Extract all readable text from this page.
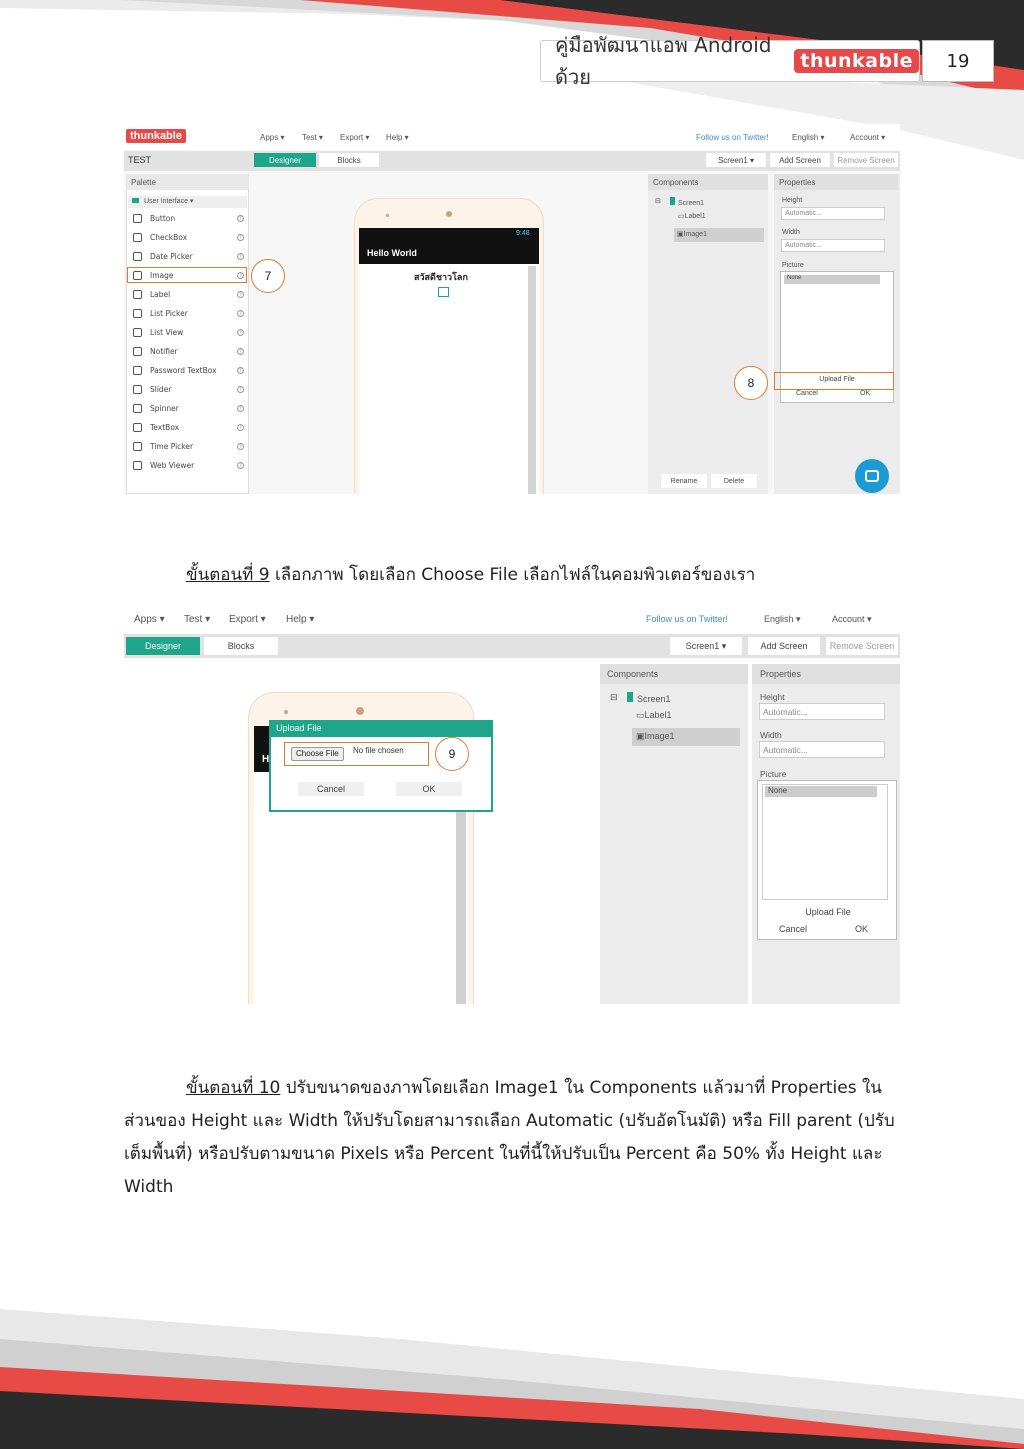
คู่มือพัฒนาแอพ Android ด้วย
thunkable	19
thunkable	Apps ▾ Test ▾ Export ▾ Help ▾	Follow us on Twitter!	English ▾	Account ▾
TEST	Designer	Blocks	Screen1 ▾	Add Screen	Remove Screen
Palette
User Interface ▾
7
9:48
Hello World
สวัสดีชาวโลก
Components
⊟	Screen1
▭Label1
▣Image1
Rename	Delete
Properties
Height
Automatic...
Width
Automatic...
Picture
None
Upload File
Cancel	OK
8
ขั้นตอนที่ 9 เลือกภาพ โดยเลือก Choose File เลือกไฟล์ในคอมพิวเตอร์ของเรา
Apps ▾ Test ▾ Export ▾ Help ▾	Follow us on Twitter!	English ▾	Account ▾
Designer	Blocks	Screen1 ▾	Add Screen	Remove Screen
H
Upload File
Choose File	No file chosen	9
Cancel	OK
Components
⊟	Screen1
▭Label1
▣Image1
Properties
Height
Automatic...
Width
Automatic...
Picture
None
Upload File
Cancel	OK
ขั้นตอนที่ 10 ปรับขนาดของภาพโดยเลือก Image1 ใน Components แล้วมาที่ Properties ใน
ส่วนของ Height และ Width ให้ปรับโดยสามารถเลือก Automatic (ปรับอัตโนมัติ) หรือ Fill parent (ปรับ
เต็มพื้นที่) หรือปรับตามขนาด Pixels หรือ Percent ในที่นี้ให้ปรับเป็น Percent คือ 50% ทั้ง Height และ
Width
Button	?
CheckBox	?
Date Picker	?
Image	?
Label	?
List Picker	?
List View	?
Notifier	?
Password TextBox	?
Slider	?
Spinner	?
TextBox	?
Time Picker	?
Web Viewer	?
